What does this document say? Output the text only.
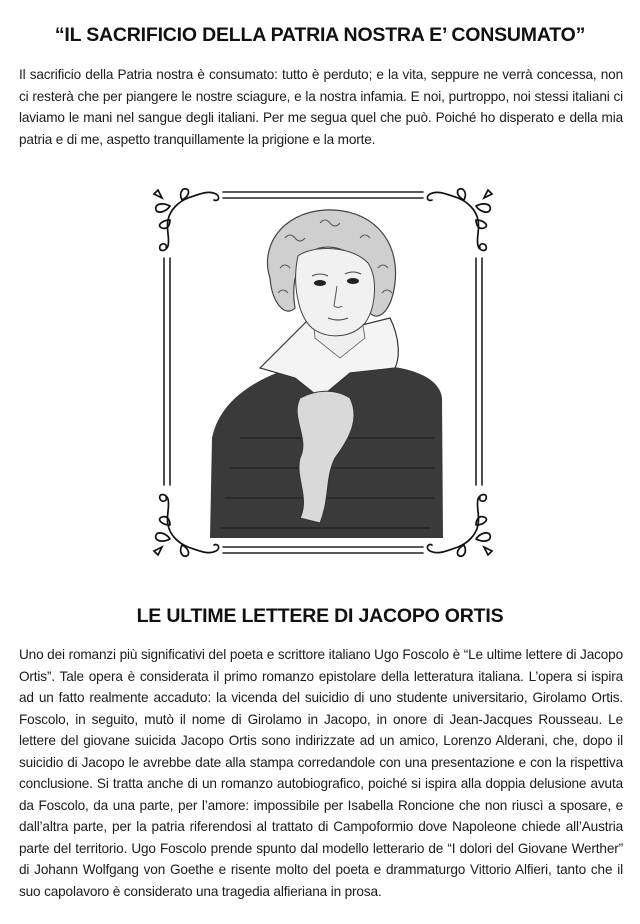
“IL SACRIFICIO DELLA PATRIA NOSTRA E’ CONSUMATO”
Il sacrificio della Patria nostra è consumato: tutto è perduto; e la vita, seppure ne verrà concessa, non ci resterà che per piangere le nostre sciagure, e la nostra infamia. E noi, purtroppo, noi stessi italiani ci laviamo le mani nel sangue degli italiani. Per me segua quel che può. Poiché ho disperato e della mia patria e di me, aspetto tranquillamente la prigione e la morte.
LE ULTIME LETTERE DI JACOPO ORTIS
Uno dei romanzi più significativi del poeta e scrittore italiano Ugo Foscolo è “Le ultime lettere di Jacopo Ortis”. Tale opera è considerata il primo romanzo epistolare della letteratura italiana. L’opera si ispira ad un fatto realmente accaduto: la vicenda del suicidio di uno studente universitario, Girolamo Ortis. Foscolo, in seguito, mutò il nome di Girolamo in Jacopo, in onore di Jean-Jacques Rousseau. Le lettere del giovane suicida Jacopo Ortis sono indirizzate ad un amico, Lorenzo Alderani, che, dopo il suicidio di Jacopo le avrebbe date alla stampa corredandole con una presentazione e con la rispettiva conclusione. Si tratta anche di un romanzo autobiografico, poiché si ispira alla doppia delusione avuta da Foscolo, da una parte, per l’amore: impossibile per Isabella Roncione che non riuscì a sposare, e dall’altra parte, per la patria riferendosi al trattato di Campoformio dove Napoleone chiede all’Austria parte del territorio. Ugo Foscolo prende spunto dal modello letterario de “I dolori del Giovane Werther” di Johann Wolfgang von Goethe e risente molto del poeta e drammaturgo Vittorio Alfieri, tanto che il suo capolavoro è considerato una tragedia alfieriana in prosa.
